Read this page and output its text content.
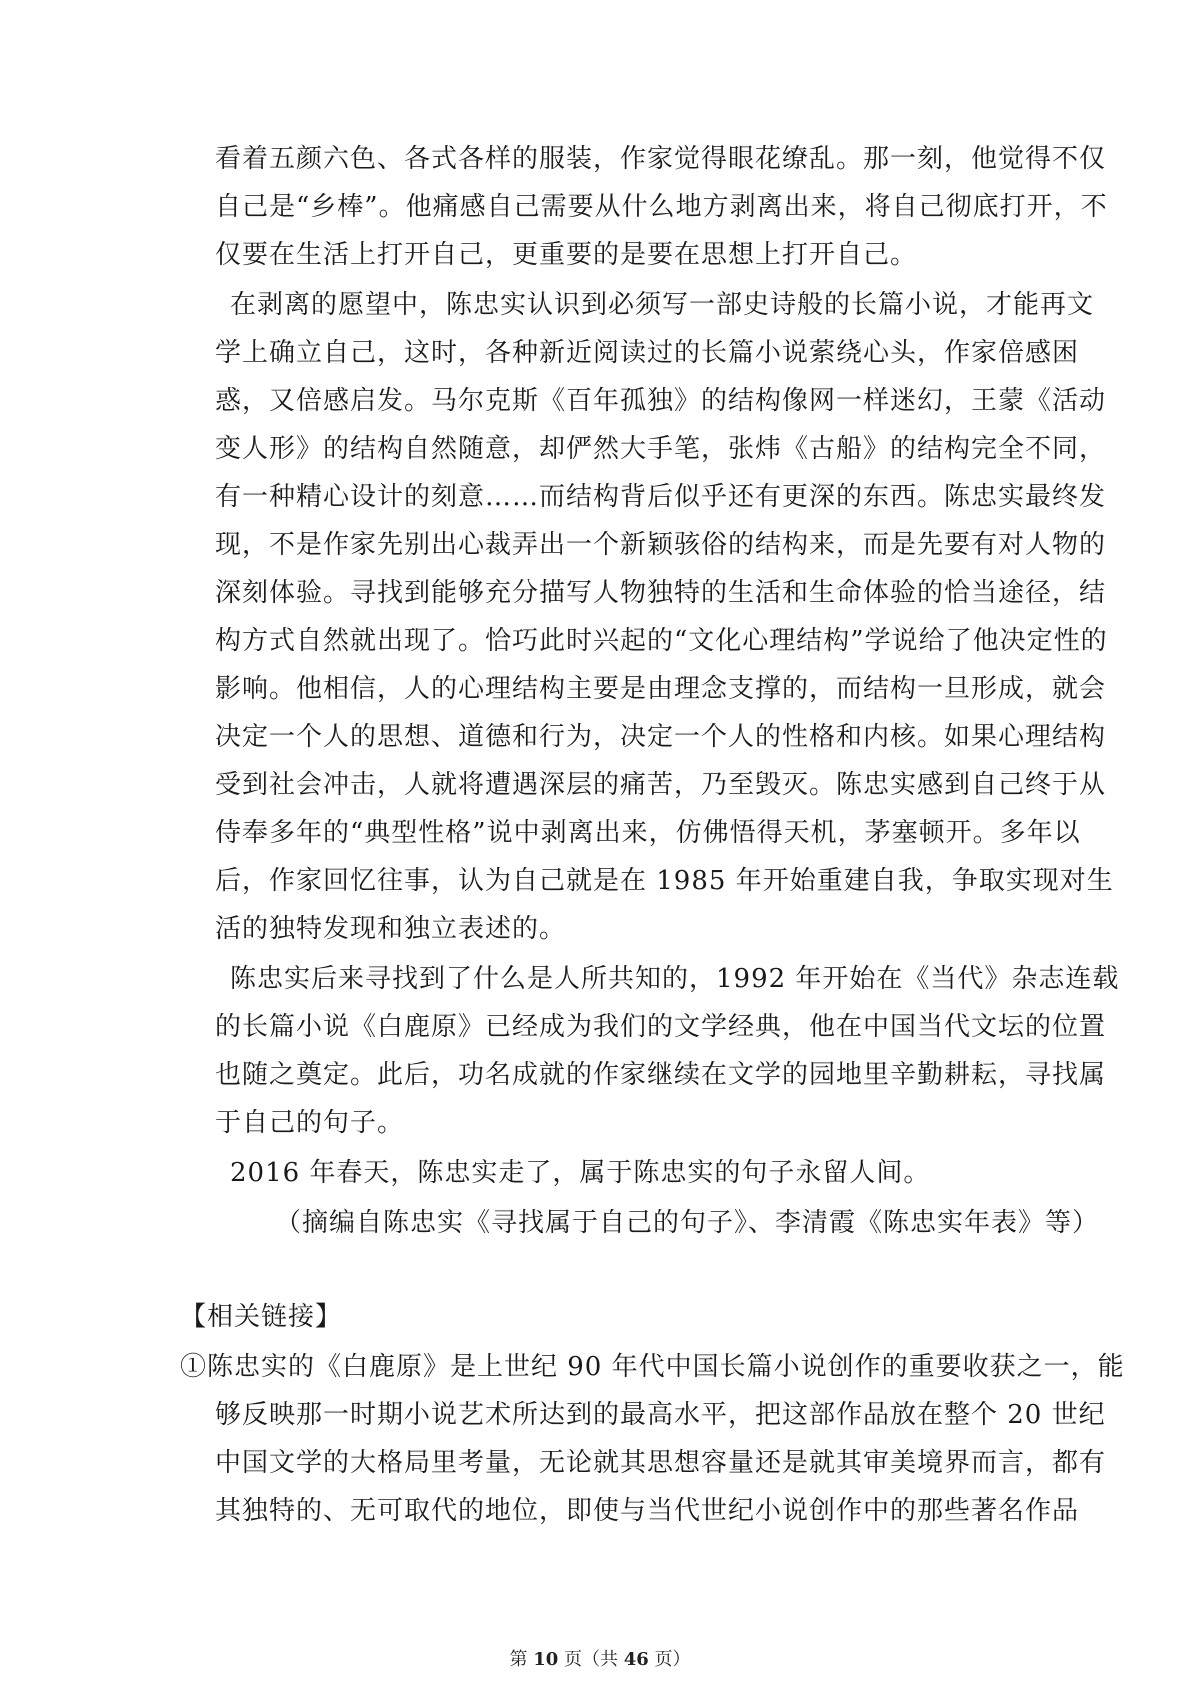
看着五颜六色、各式各样的服装，作家觉得眼花缭乱。那一刻，他觉得不仅
自己是“乡棒”。他痛感自己需要从什么地方剥离出来，将自己彻底打开，不
仅要在生活上打开自己，更重要的是要在思想上打开自己。
在剥离的愿望中，陈忠实认识到必须写一部史诗般的长篇小说，才能再文
学上确立自己，这时，各种新近阅读过的长篇小说萦绕心头，作家倍感困
惑，又倍感启发。马尔克斯《百年孤独》的结构像网一样迷幻，王蒙《活动
变人形》的结构自然随意，却俨然大手笔，张炜《古船》的结构完全不同，
有一种精心设计的刻意……而结构背后似乎还有更深的东西。陈忠实最终发
现，不是作家先别出心裁弄出一个新颖骇俗的结构来，而是先要有对人物的
深刻体验。寻找到能够充分描写人物独特的生活和生命体验的恰当途径，结
构方式自然就出现了。恰巧此时兴起的“文化心理结构”学说给了他决定性的
影响。他相信，人的心理结构主要是由理念支撑的，而结构一旦形成，就会
决定一个人的思想、道德和行为，决定一个人的性格和内核。如果心理结构
受到社会冲击，人就将遭遇深层的痛苦，乃至毁灭。陈忠实感到自己终于从
侍奉多年的“典型性格”说中剥离出来，仿佛悟得天机，茅塞顿开。多年以
后，作家回忆往事，认为自己就是在 1985 年开始重建自我，争取实现对生
活的独特发现和独立表述的。
陈忠实后来寻找到了什么是人所共知的，1992 年开始在《当代》杂志连载
的长篇小说《白鹿原》已经成为我们的文学经典，他在中国当代文坛的位置
也随之奠定。此后，功名成就的作家继续在文学的园地里辛勤耕耘，寻找属
于自己的句子。
2016 年春天，陈忠实走了，属于陈忠实的句子永留人间。
（摘编自陈忠实《寻找属于自己的句子》、李清霞《陈忠实年表》等）
【相关链接】
①陈忠实的《白鹿原》是上世纪 90 年代中国长篇小说创作的重要收获之一，能
够反映那一时期小说艺术所达到的最高水平，把这部作品放在整个 20 世纪
中国文学的大格局里考量，无论就其思想容量还是就其审美境界而言，都有
其独特的、无可取代的地位，即使与当代世纪小说创作中的那些著名作品
第 10 页（共 46 页）
